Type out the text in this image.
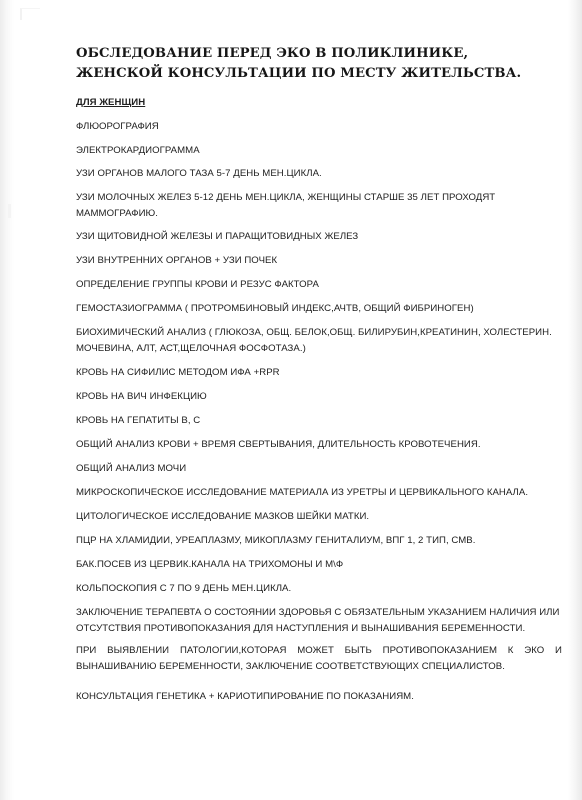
ОБСЛЕДОВАНИЕ ПЕРЕД ЭКО В ПОЛИКЛИНИКЕ,
ЖЕНСКОЙ КОНСУЛЬТАЦИИ ПО МЕСТУ ЖИТЕЛЬСТВА.

ДЛЯ ЖЕНЩИН

ФЛЮОРОГРАФИЯ

ЭЛЕКТРОКАРДИОГРАММА

УЗИ ОРГАНОВ МАЛОГО ТАЗА 5-7 ДЕНЬ МЕН.ЦИКЛА.

УЗИ МОЛОЧНЫХ ЖЕЛЕЗ 5-12 ДЕНЬ МЕН.ЦИКЛА, ЖЕНЩИНЫ СТАРШЕ 35 ЛЕТ ПРОХОДЯТ МАММОГРАФИЮ.

УЗИ ЩИТОВИДНОЙ ЖЕЛЕЗЫ И ПАРАЩИТОВИДНЫХ ЖЕЛЕЗ

УЗИ ВНУТРЕННИХ ОРГАНОВ + УЗИ ПОЧЕК

ОПРЕДЕЛЕНИЕ ГРУППЫ КРОВИ И РЕЗУС ФАКТОРА

ГЕМОСТАЗИОГРАММА ( ПРОТРОМБИНОВЫЙ ИНДЕКС,АЧТВ, ОБЩИЙ ФИБРИНОГЕН)

БИОХИМИЧЕСКИЙ АНАЛИЗ ( ГЛЮКОЗА, ОБЩ. БЕЛОК,ОБЩ. БИЛИРУБИН,КРЕАТИНИН, ХОЛЕСТЕРИН. МОЧЕВИНА, АЛТ, АСТ,ЩЕЛОЧНАЯ ФОСФОТАЗА.)

КРОВЬ НА СИФИЛИС МЕТОДОМ ИФА +RPR

КРОВЬ НА ВИЧ ИНФЕКЦИЮ

КРОВЬ НА ГЕПАТИТЫ В, С

ОБЩИЙ АНАЛИЗ КРОВИ + ВРЕМЯ СВЕРТЫВАНИЯ, ДЛИТЕЛЬНОСТЬ КРОВОТЕЧЕНИЯ.

ОБЩИЙ АНАЛИЗ МОЧИ

МИКРОСКОПИЧЕСКОЕ ИССЛЕДОВАНИЕ МАТЕРИАЛА ИЗ УРЕТРЫ И ЦЕРВИКАЛЬНОГО КАНАЛА.

ЦИТОЛОГИЧЕСКОЕ ИССЛЕДОВАНИЕ МАЗКОВ ШЕЙКИ МАТКИ.

ПЦР НА ХЛАМИДИИ, УРЕАПЛАЗМУ, МИКОПЛАЗМУ ГЕНИТАЛИУМ, ВПГ 1, 2 ТИП, СМВ.

БАК.ПОСЕВ ИЗ ЦЕРВИК.КАНАЛА НА ТРИХОМОНЫ И М\Ф

КОЛЬПОСКОПИЯ С 7 ПО 9 ДЕНЬ МЕН.ЦИКЛА.

ЗАКЛЮЧЕНИЕ ТЕРАПЕВТА О СОСТОЯНИИ ЗДОРОВЬЯ С ОБЯЗАТЕЛЬНЫМ УКАЗАНИЕМ НАЛИЧИЯ ИЛИ ОТСУТСТВИЯ ПРОТИВОПОКАЗАНИЯ ДЛЯ НАСТУПЛЕНИЯ И ВЫНАШИВАНИЯ БЕРЕМЕННОСТИ.

ПРИ ВЫЯВЛЕНИИ ПАТОЛОГИИ,КОТОРАЯ МОЖЕТ БЫТЬ ПРОТИВОПОКАЗАНИЕМ К ЭКО И ВЫНАШИВАНИЮ БЕРЕМЕННОСТИ, ЗАКЛЮЧЕНИЕ СООТВЕТСТВУЮЩИХ СПЕЦИАЛИСТОВ.

КОНСУЛЬТАЦИЯ ГЕНЕТИКА + КАРИОТИПИРОВАНИЕ ПО ПОКАЗАНИЯМ.
